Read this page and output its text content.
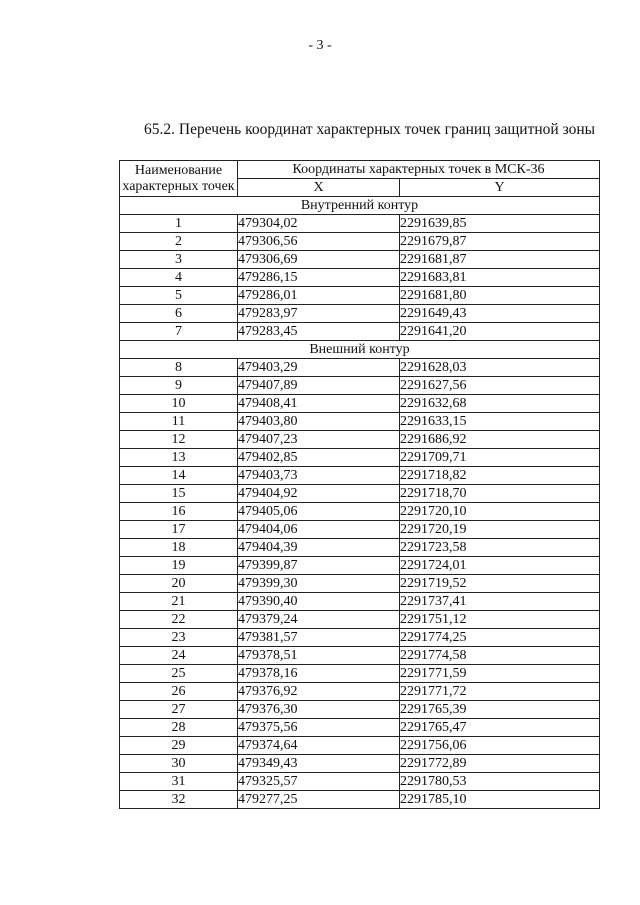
- 3 -
65.2. Перечень координат характерных точек границ защитной зоны
Наименование характерных точек	Координаты характерных точек в МСК-36	
	X	Y
Внутренний контур		
1	479304,02	2291639,85
2	479306,56	2291679,87
3	479306,69	2291681,87
4	479286,15	2291683,81
5	479286,01	2291681,80
6	479283,97	2291649,43
7	479283,45	2291641,20
Внешний контур		
8	479403,29	2291628,03
9	479407,89	2291627,56
10	479408,41	2291632,68
11	479403,80	2291633,15
12	479407,23	2291686,92
13	479402,85	2291709,71
14	479403,73	2291718,82
15	479404,92	2291718,70
16	479405,06	2291720,10
17	479404,06	2291720,19
18	479404,39	2291723,58
19	479399,87	2291724,01
20	479399,30	2291719,52
21	479390,40	2291737,41
22	479379,24	2291751,12
23	479381,57	2291774,25
24	479378,51	2291774,58
25	479378,16	2291771,59
26	479376,92	2291771,72
27	479376,30	2291765,39
28	479375,56	2291765,47
29	479374,64	2291756,06
30	479349,43	2291772,89
31	479325,57	2291780,53
32	479277,25	2291785,10
